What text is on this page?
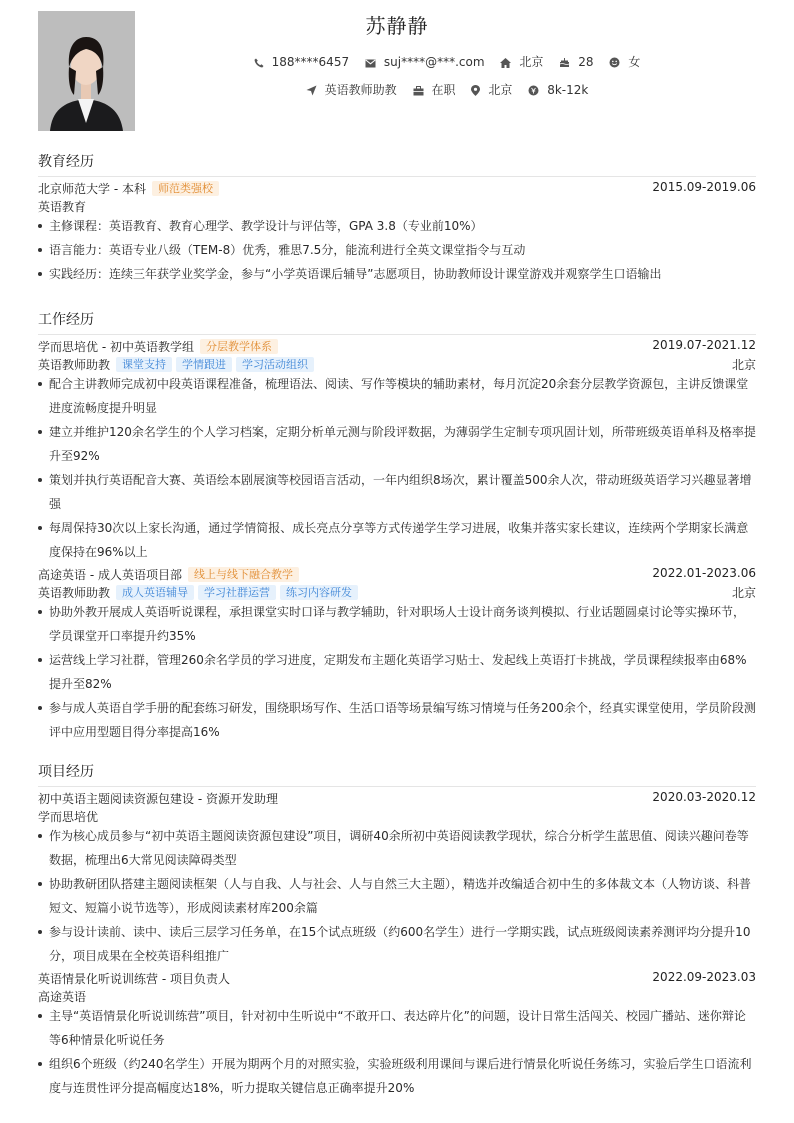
苏静静
188****6457	suj****@***.com	北京	28	女
英语教师助教	在职	北京	8k-12k
教育经历
北京师范大学 - 本科 师范类强校	2015.09-2019.06
英语教育
主修课程：英语教育、教育心理学、教学设计与评估等，GPA 3.8（专业前10%）
语言能力：英语专业八级（TEM-8）优秀，雅思7.5分，能流利进行全英文课堂指令与互动
实践经历：连续三年获学业奖学金，参与“小学英语课后辅导”志愿项目，协助教师设计课堂游戏并观察学生口语输出
工作经历
学而思培优 - 初中英语教学组 分层教学体系	2019.07-2021.12
英语教师助教 课堂支持 学情跟进 学习活动组织	北京
配合主讲教师完成初中段英语课程准备，梳理语法、阅读、写作等模块的辅助素材，每月沉淀20余套分层教学资源包，主讲反馈课堂进度流畅度提升明显
建立并维护120余名学生的个人学习档案，定期分析单元测与阶段评数据，为薄弱学生定制专项巩固计划，所带班级英语单科及格率提升至92%
策划并执行英语配音大赛、英语绘本剧展演等校园语言活动，一年内组织8场次，累计覆盖500余人次，带动班级英语学习兴趣显著增强
每周保持30次以上家长沟通，通过学情简报、成长亮点分享等方式传递学生学习进展，收集并落实家长建议，连续两个学期家长满意度保持在96%以上
高途英语 - 成人英语项目部 线上与线下融合教学	2022.01-2023.06
英语教师助教 成人英语辅导 学习社群运营 练习内容研发	北京
协助外教开展成人英语听说课程，承担课堂实时口译与教学辅助，针对职场人士设计商务谈判模拟、行业话题圆桌讨论等实操环节，学员课堂开口率提升约35%
运营线上学习社群，管理260余名学员的学习进度，定期发布主题化英语学习贴士、发起线上英语打卡挑战，学员课程续报率由68%提升至82%
参与成人英语自学手册的配套练习研发，围绕职场写作、生活口语等场景编写练习情境与任务200余个，经真实课堂使用，学员阶段测评中应用型题目得分率提高16%
项目经历
初中英语主题阅读资源包建设 - 资源开发助理	2020.03-2020.12
学而思培优
作为核心成员参与“初中英语主题阅读资源包建设”项目，调研40余所初中英语阅读教学现状，综合分析学生蓝思值、阅读兴趣问卷等数据，梳理出6大常见阅读障碍类型
协助教研团队搭建主题阅读框架（人与自我、人与社会、人与自然三大主题），精选并改编适合初中生的多体裁文本（人物访谈、科普短文、短篇小说节选等），形成阅读素材库200余篇
参与设计读前、读中、读后三层学习任务单，在15个试点班级（约600名学生）进行一学期实践，试点班级阅读素养测评均分提升10分，项目成果在全校英语科组推广
英语情景化听说训练营 - 项目负责人	2022.09-2023.03
高途英语
主导“英语情景化听说训练营”项目，针对初中生听说中“不敢开口、表达碎片化”的问题，设计日常生活闯关、校园广播站、迷你辩论等6种情景化听说任务
组织6个班级（约240名学生）开展为期两个月的对照实验，实验班级利用课间与课后进行情景化听说任务练习，实验后学生口语流利度与连贯性评分提高幅度达18%，听力提取关键信息正确率提升20%
